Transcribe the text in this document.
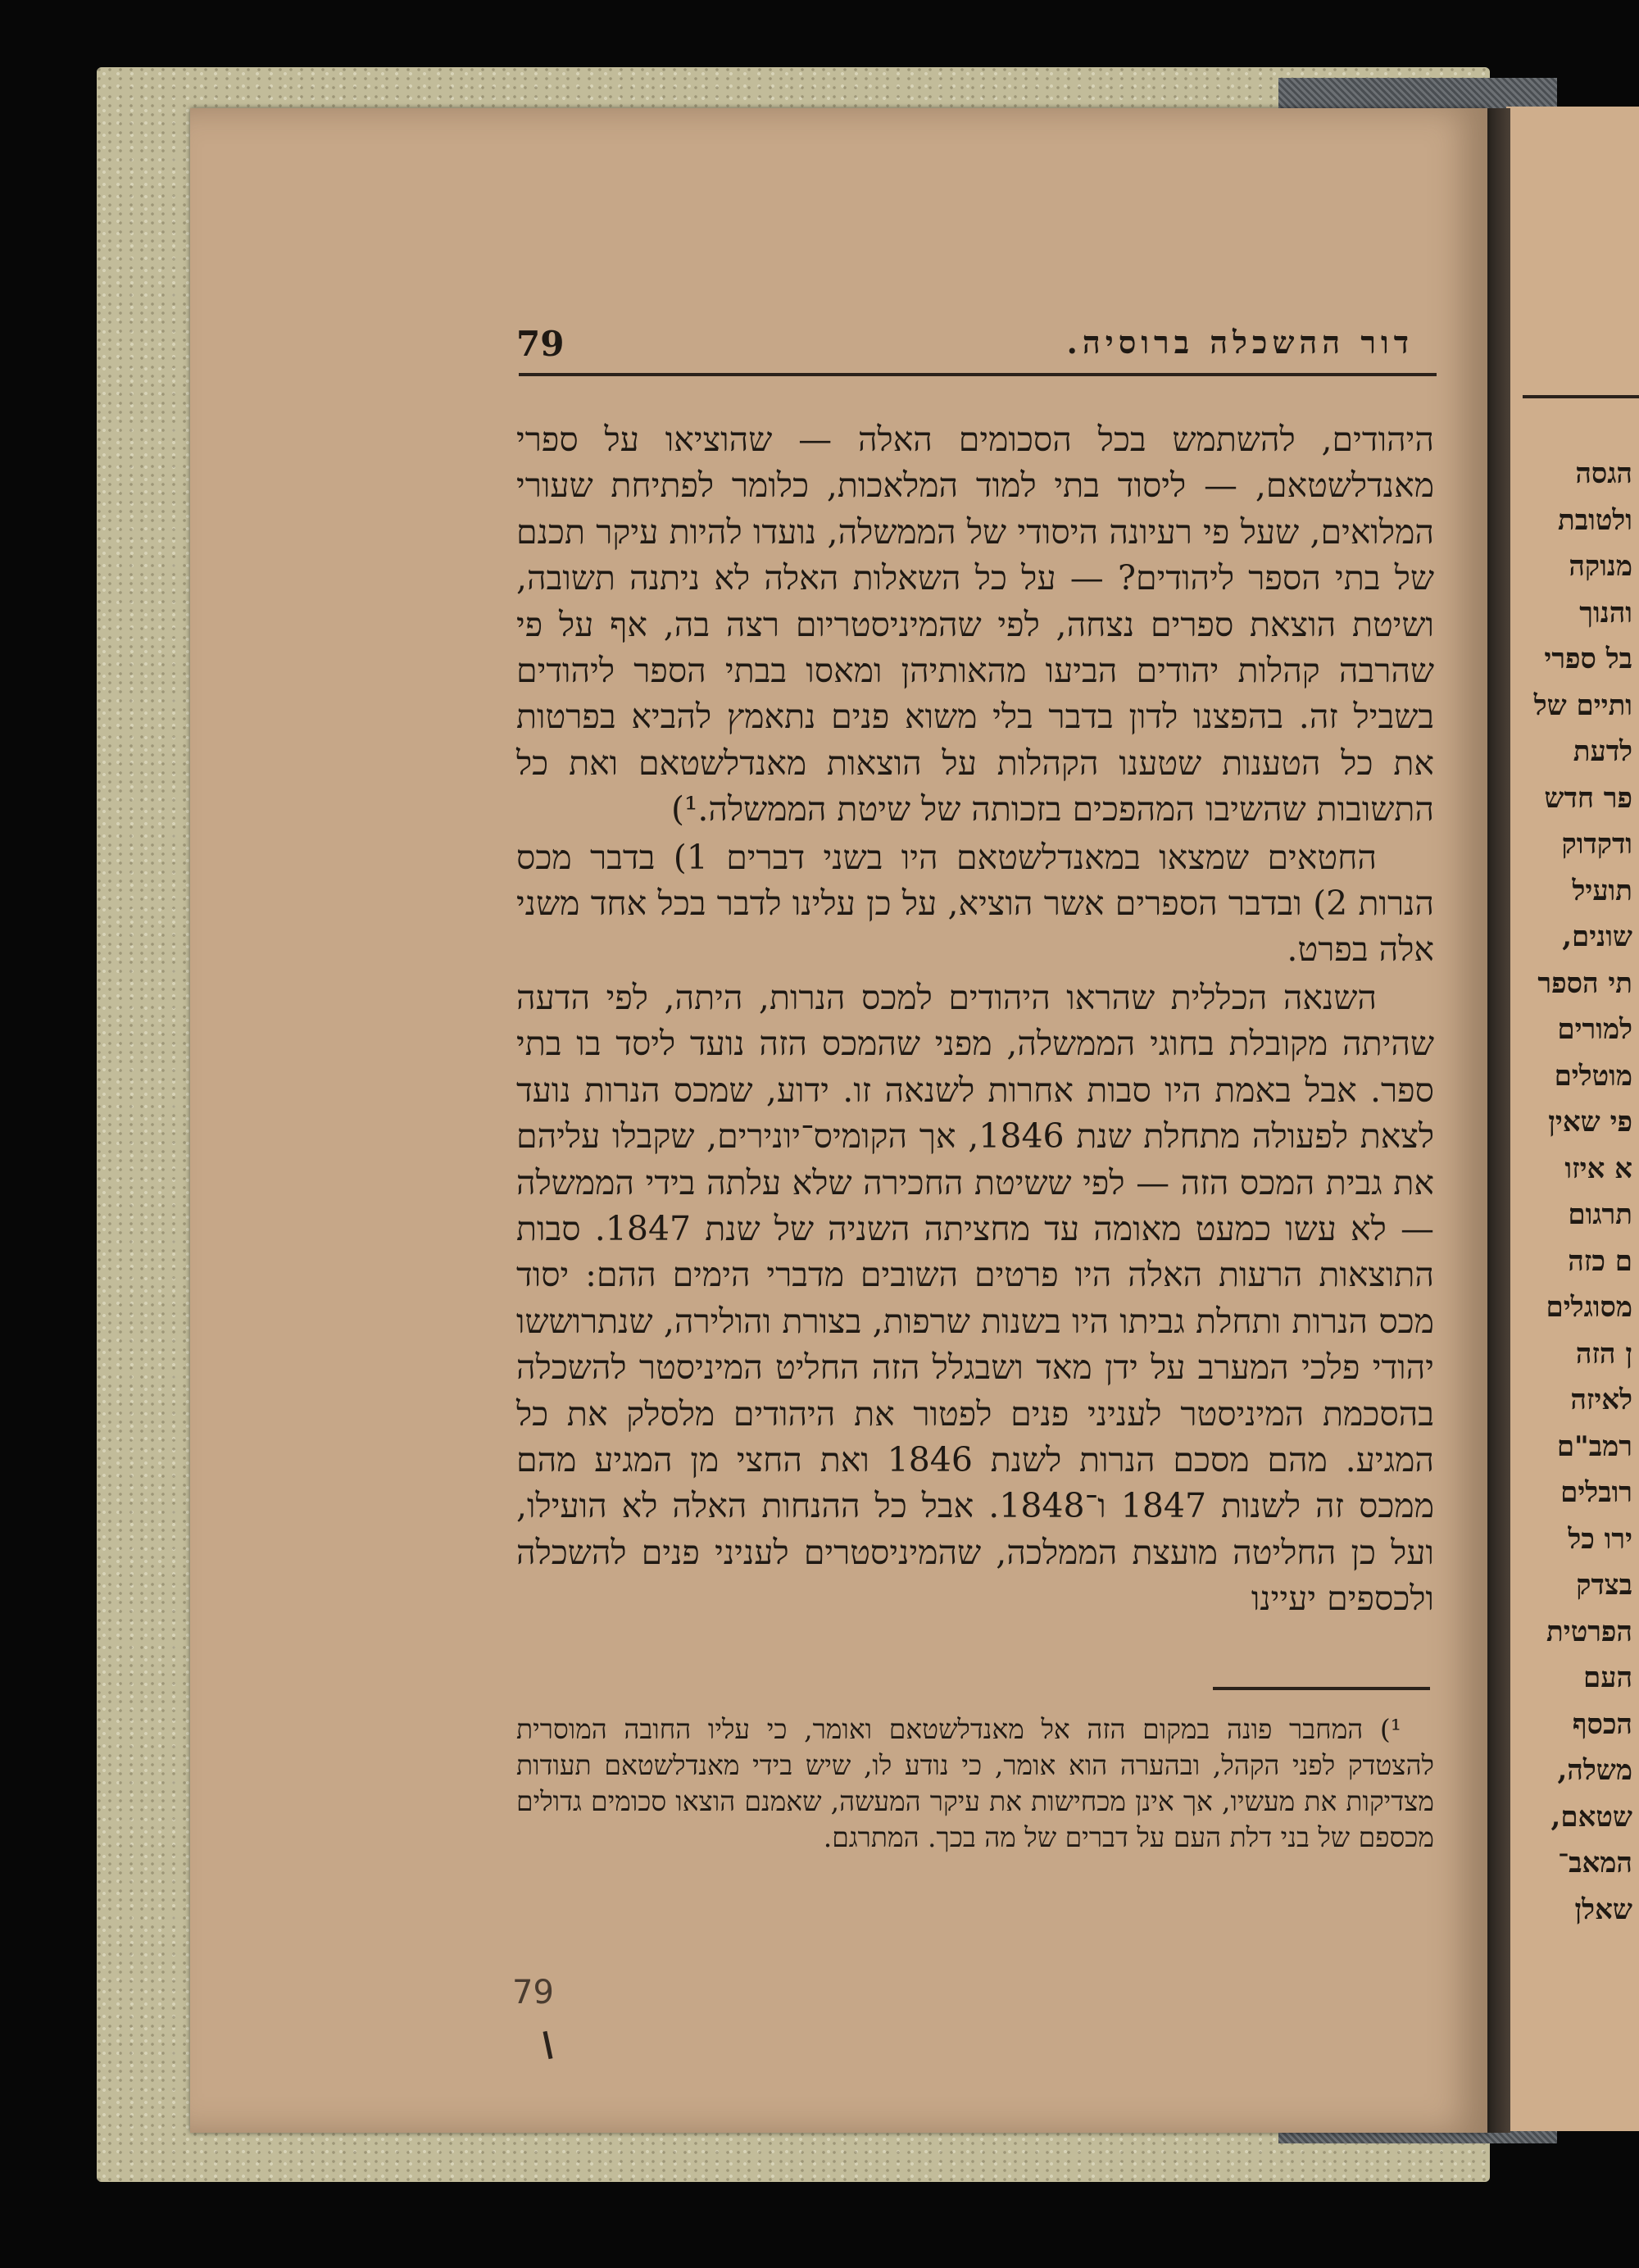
הגסה
ולטובת
מנוקה
והנוך
בל ספרי
ותיים של
לדעת
פר חדש
ודקדוק
תועיל
שונים,
תי הספר
למורים
מוטלים
פי שאין
א איזו
תרגום
ם כזה
מסוגלים
ן הזה
לאיזה
רמב"ם
רובלים
ירו כל
בצדק
הפרטית
העם
הכסף
משלה,
שטאם,
המאב־
שאלן
דור ההשכלה ברוסיה.
79

היהודים, להשתמש בכל הסכומים האלה — שהוציאו על ספרי מאנדלשטאם, — ליסוד בתי למוד המלאכות, כלומר לפתיחת שעורי המלואים, שעל פי רעיונה היסודי של הממשלה, נועדו להיות עיקר תכנם של בתי הספר ליהודים? — על כל השאלות האלה לא ניתנה תשובה, ושיטת הוצאת ספרים נצחה, לפי שהמיניסטריום רצה בה, אף על פי שהרבה קהלות יהודים הביעו מהאותיהן ומאסו בבתי הספר ליהודים בשביל זה. בהפצנו לדון בדבר בלי משוא פנים נתאמץ להביא בפרטות את כל הטענות שטענו הקהלות על הוצאות מאנדלשטאם ואת כל התשובות שהשיבו המהפכים בזכותה של שיטת הממשלה.¹)

החטאים שמצאו במאנדלשטאם היו בשני דברים 1) בדבר מכס הנרות 2) ובדבר הספרים אשר הוציא, על כן עלינו לדבר בכל אחד משני אלה בפרט.

השנאה הכללית שהראו היהודים למכס הנרות, היתה, לפי הדעה שהיתה מקובלת בחוגי הממשלה, מפני שהמכס הזה נועד ליסד בו בתי ספר. אבל באמת היו סבות אחרות לשנאה זו. ידוע, שמכס הנרות נועד לצאת לפעולה מתחלת שנת 1846, אך הקומיס־יונירים, שקבלו עליהם את גבית המכס הזה — לפי ששיטת החכירה שלא עלתה בידי הממשלה — לא עשו כמעט מאומה עד מחציתה השניה של שנת 1847. סבות התוצאות הרעות האלה היו פרטים השובים מדברי הימים ההם: יסוד מכס הנרות ותחלת גביתו היו בשנות שרפות, בצורת והולירה, שנתרוששו יהודי פלכי המערב על ידן מאד ושבגלל הזה החליט המיניסטר להשכלה בהסכמת המיניסטר לעניני פנים לפטור את היהודים מלסלק את כל המגיע. מהם מסכם הנרות לשנת 1846 ואת החצי מן המגיע מהם ממכס זה לשנות 1847 ו־1848. אבל כל ההנחות האלה לא הועילו, ועל כן החליטה מועצת הממלכה, שהמיניסטרים לעניני פנים להשכלה ולכספים יעיינו

¹) המחבר פונה במקום הזה אל מאנדלשטאם ואומר, כי עליו החובה המוסרית להצטדק לפני הקהל, ובהערה הוא אומר, כי נודע לו, שיש בידי מאנדלשטאם תעודות מצדיקות את מעשיו, אך אינן מכחישות את עיקר המעשה, שאמנם הוצאו סכומים גדולים מכספם של בני דלת העם על דברים של מה בכך. המתרגם.

79
